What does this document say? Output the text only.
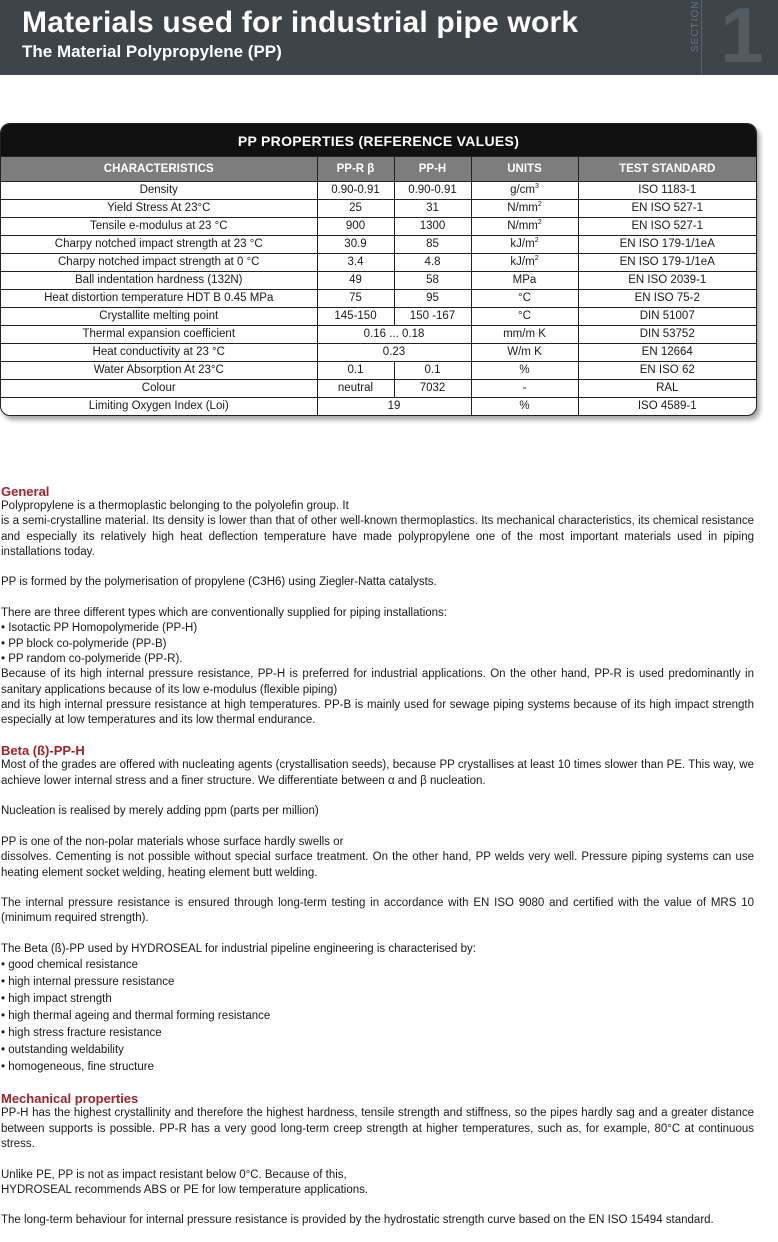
Materials used for industrial pipe work
The Material Polypropylene (PP)	SECTION 1
PP PROPERTIES (REFERENCE VALUES)
CHARACTERISTICS	PP-R β	PP-H	UNITS	TEST STANDARD
Density	0.90-0.91	0.90-0.91	$g/cm^3$	ISO 1183-1
Yield Stress At 23°C	25	31	$N/mm^2$	EN ISO 527-1
Tensile e-modulus at 23 °C	900	1300	$N/mm^2$	EN ISO 527-1
Charpy notched impact strength at 23 °C	30.9	85	$kJ/m^2$	EN ISO 179-1/1eA
Charpy notched impact strength at 0 °C	3.4	4.8	$kJ/m^2$	EN ISO 179-1/1eA
Ball indentation hardness (132N)	49	58	MPa	EN ISO 2039-1
Heat distortion temperature HDT B 0.45 MPa	75	95	°C	EN ISO 75-2
Crystallite melting point	145-150	150 -167	°C	DIN 51007
Thermal expansion coefficient	0.16 ... 0.18		mm/m K	DIN 53752
Heat conductivity at 23 °C	0.23		W/m K	EN 12664
Water Absorption At 23°C	0.1	0.1	%	EN ISO 62
Colour	neutral	7032	-	RAL
Limiting Oxygen Index (Loi)	19		%	ISO 4589-1
General

Polypropylene is a thermoplastic belonging to the polyolefin group. It

is a semi-crystalline material. Its density is lower than that of other well-known thermoplastics. Its mechanical characteristics, its chemical resistance and especially its relatively high heat deflection temperature have made polypropylene one of the most important materials used in piping installations today.

PP is formed by the polymerisation of propylene (C3H6) using Ziegler-Natta catalysts.

There are three different types which are conventionally supplied for piping installations:

• Isotactic PP Homopolymeride (PP-H)

• PP block co-polymeride (PP-B)

• PP random co-polymeride (PP-R).

Because of its high internal pressure resistance, PP-H is preferred for industrial applications. On the other hand, PP-R is used predominantly in sanitary applications because of its low e-modulus (flexible piping)

and its high internal pressure resistance at high temperatures. PP-B is mainly used for sewage piping systems because of its high impact strength especially at low temperatures and its low thermal endurance.

Beta (ß)-PP-H

Most of the grades are offered with nucleating agents (crystallisation seeds), because PP crystallises at least 10 times slower than PE. This way, we achieve lower internal stress and a finer structure. We differentiate between α and β nucleation.

Nucleation is realised by merely adding ppm (parts per million)

PP is one of the non-polar materials whose surface hardly swells or

dissolves. Cementing is not possible without special surface treatment. On the other hand, PP welds very well. Pressure piping systems can use heating element socket welding, heating element butt welding.

The internal pressure resistance is ensured through long-term testing in accordance with EN ISO 9080 and certified with the value of MRS 10 (minimum required strength).

The Beta (ß)-PP used by HYDROSEAL for industrial pipeline engineering is characterised by:

• good chemical resistance
• high internal pressure resistance
• high impact strength
• high thermal ageing and thermal forming resistance
• high stress fracture resistance
• outstanding weldability
• homogeneous, fine structure
Mechanical properties

PP-H has the highest crystallinity and therefore the highest hardness, tensile strength and stiffness, so the pipes hardly sag and a greater distance between supports is possible. PP-R has a very good long-term creep strength at higher temperatures, such as, for example, 80°C at continuous stress.

Unlike PE, PP is not as impact resistant below 0°C. Because of this,

HYDROSEAL recommends ABS or PE for low temperature applications.

The long-term behaviour for internal pressure resistance is provided by the hydrostatic strength curve based on the EN ISO 15494 standard.
